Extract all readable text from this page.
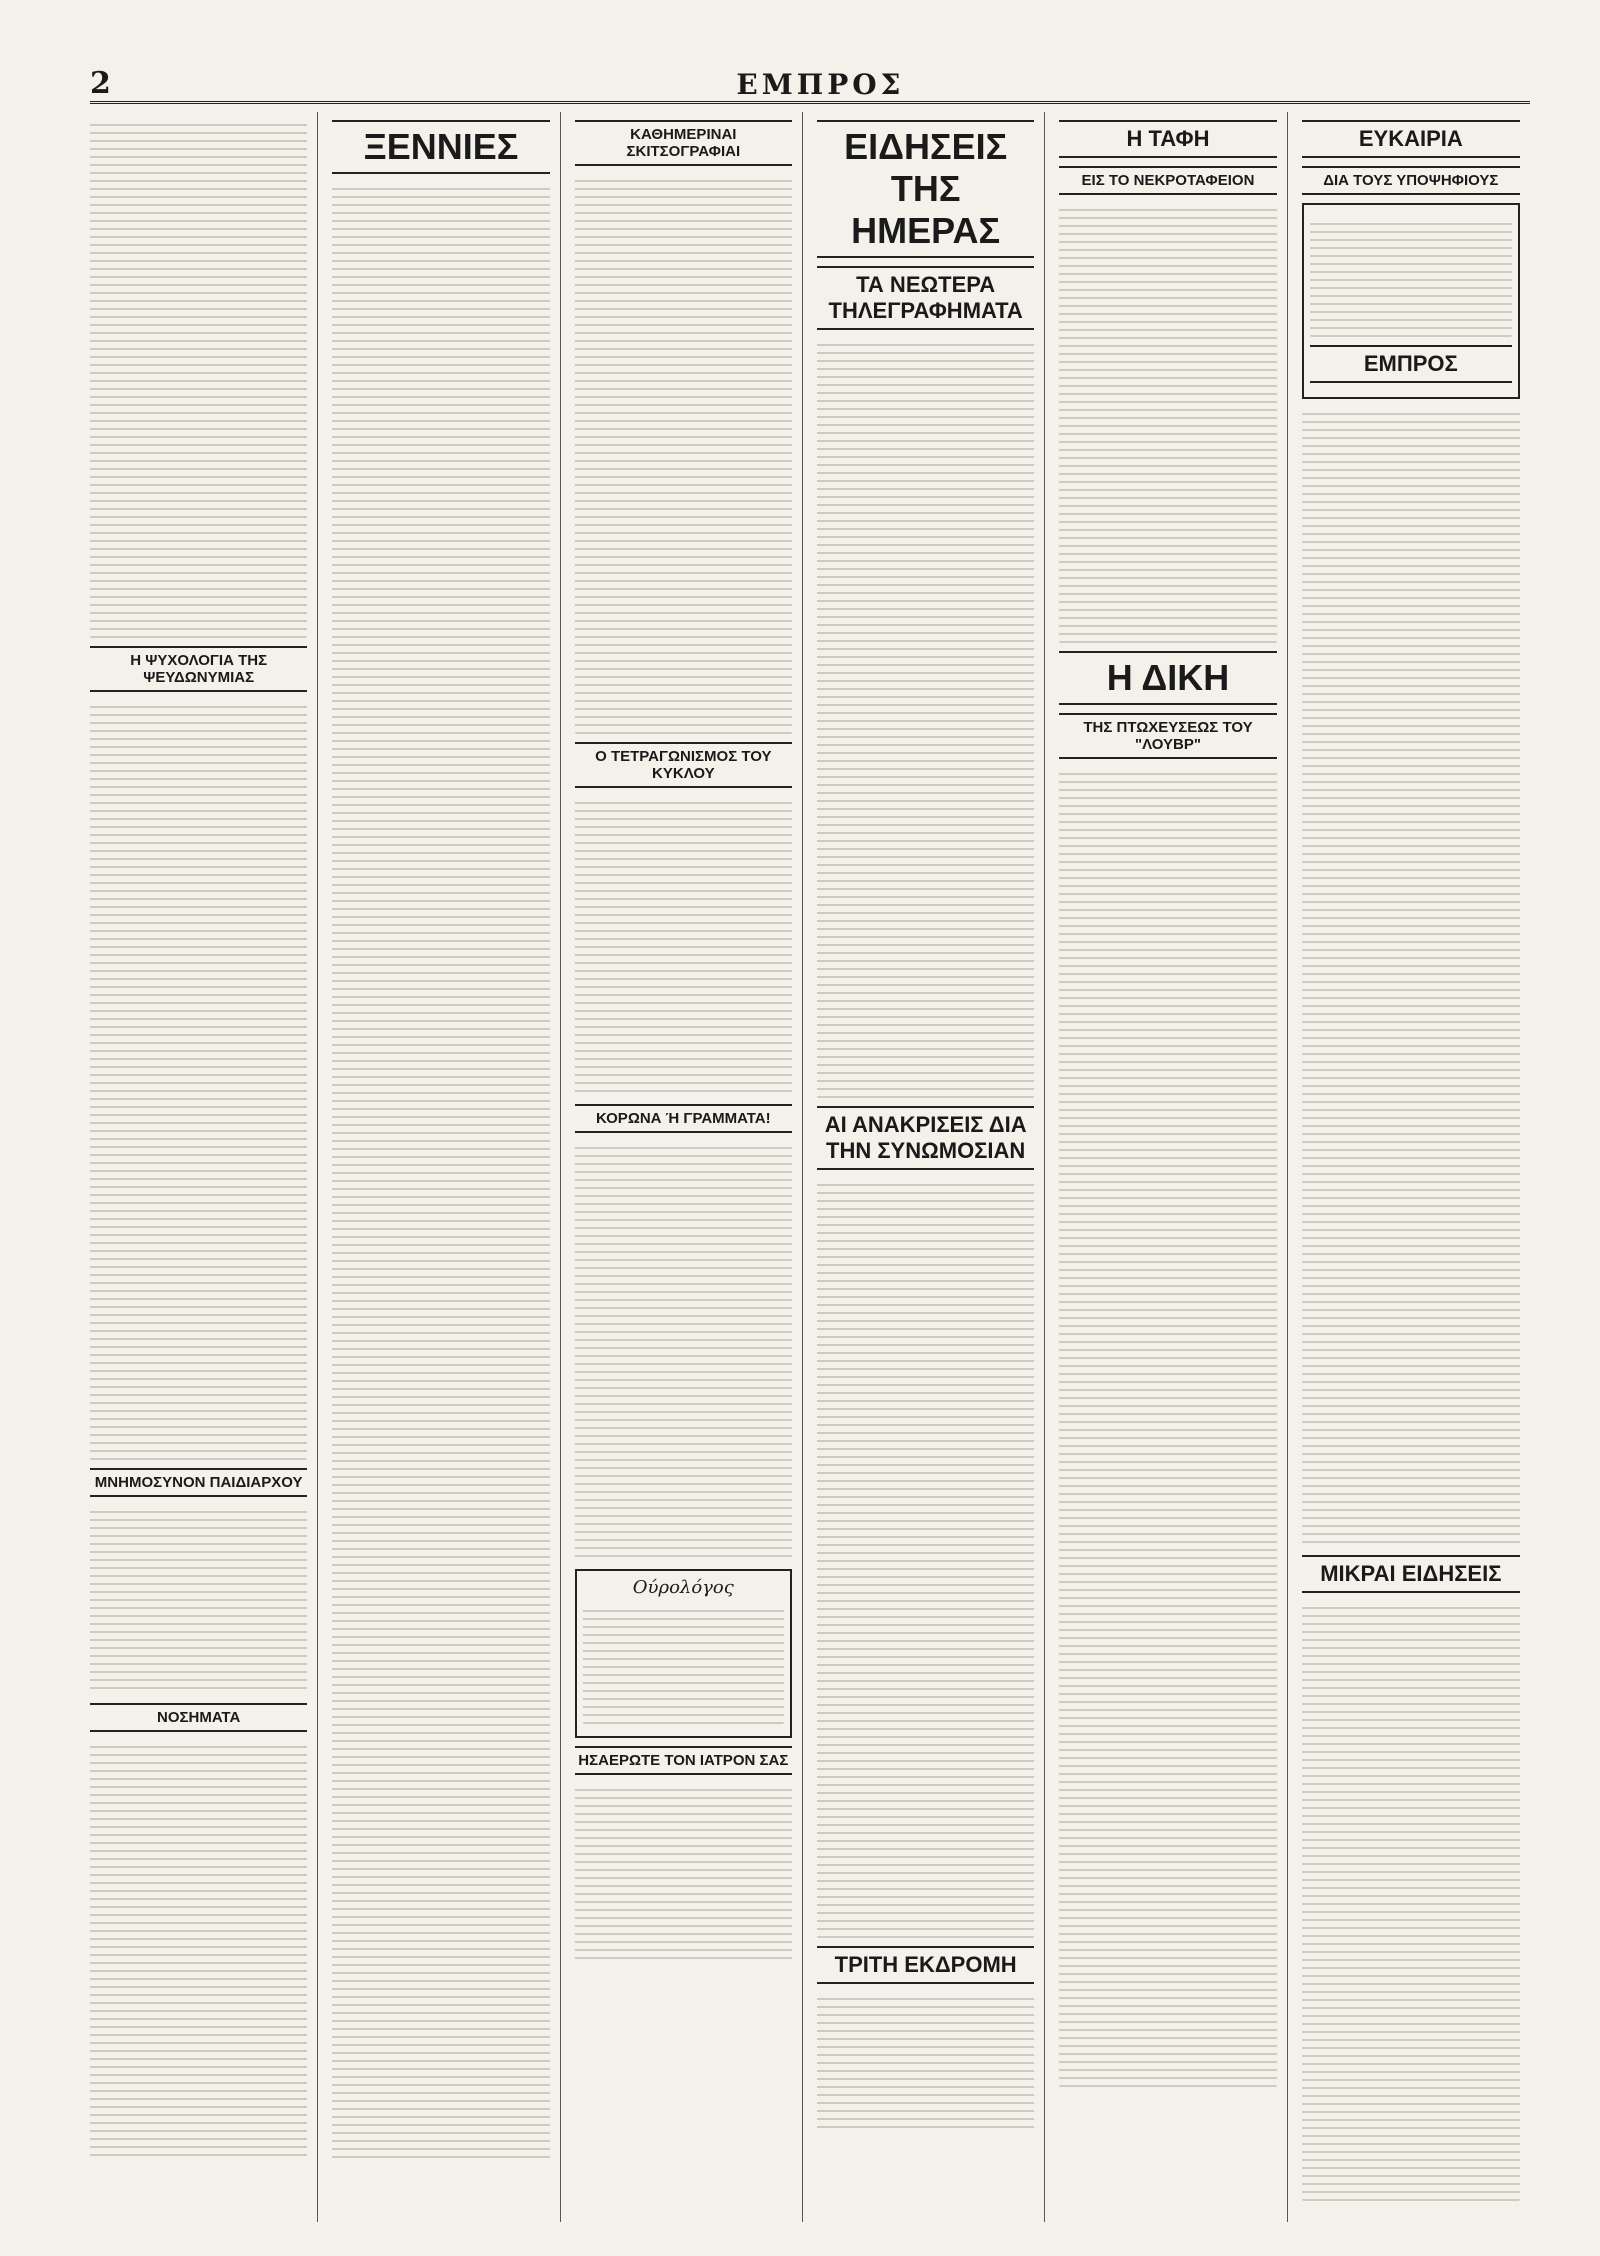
2	ΕΜΠΡΟΣ
Η ΨΥΧΟΛΟΓΙΑ ΤΗΣ ΨΕΥΔΩΝΥΜΙΑΣ
ΜΝΗΜΟΣΥΝΟΝ ΠΑΙΔΙΑΡΧΟΥ
ΝΟΣΗΜΑΤΑ
ΞΕΝΝΙΕΣ	ΚΑΘΗΜΕΡΙΝΑΙ ΣΚΙΤΣΟΓΡΑΦΙΑΙ
Ο ΤΕΤΡΑΓΩΝΙΣΜΟΣ ΤΟΥ ΚΥΚΛΟΥ
ΚΟΡΩΝΑ Ή ΓΡΑΜΜΑΤΑ!
Ούρολόγος
ΗΣΑΕΡΩΤΕ ΤΟΝ ΙΑΤΡΟΝ ΣΑΣ
ΕΙΔΗΣΕΙΣ ΤΗΣ ΗΜΕΡΑΣ
ΤΑ ΝΕΩΤΕΡΑ ΤΗΛΕΓΡΑΦΗΜΑΤΑ
ΑΙ ΑΝΑΚΡΙΣΕΙΣ ΔΙΑ ΤΗΝ ΣΥΝΩΜΟΣΙΑΝ
ΤΡΙΤΗ ΕΚΔΡΟΜΗ
Η ΤΑΦΗ
ΕΙΣ ΤΟ ΝΕΚΡΟΤΑΦΕΙΟΝ
Η ΔΙΚΗ
ΤΗΣ ΠΤΩΧΕΥΣΕΩΣ ΤΟΥ "ΛΟΥΒΡ"
ΕΥΚΑΙΡΙΑ
ΔΙΑ ΤΟΥΣ ΥΠΟΨΗΦΙΟΥΣ
ΕΜΠΡΟΣ
ΜΙΚΡΑΙ ΕΙΔΗΣΕΙΣ
